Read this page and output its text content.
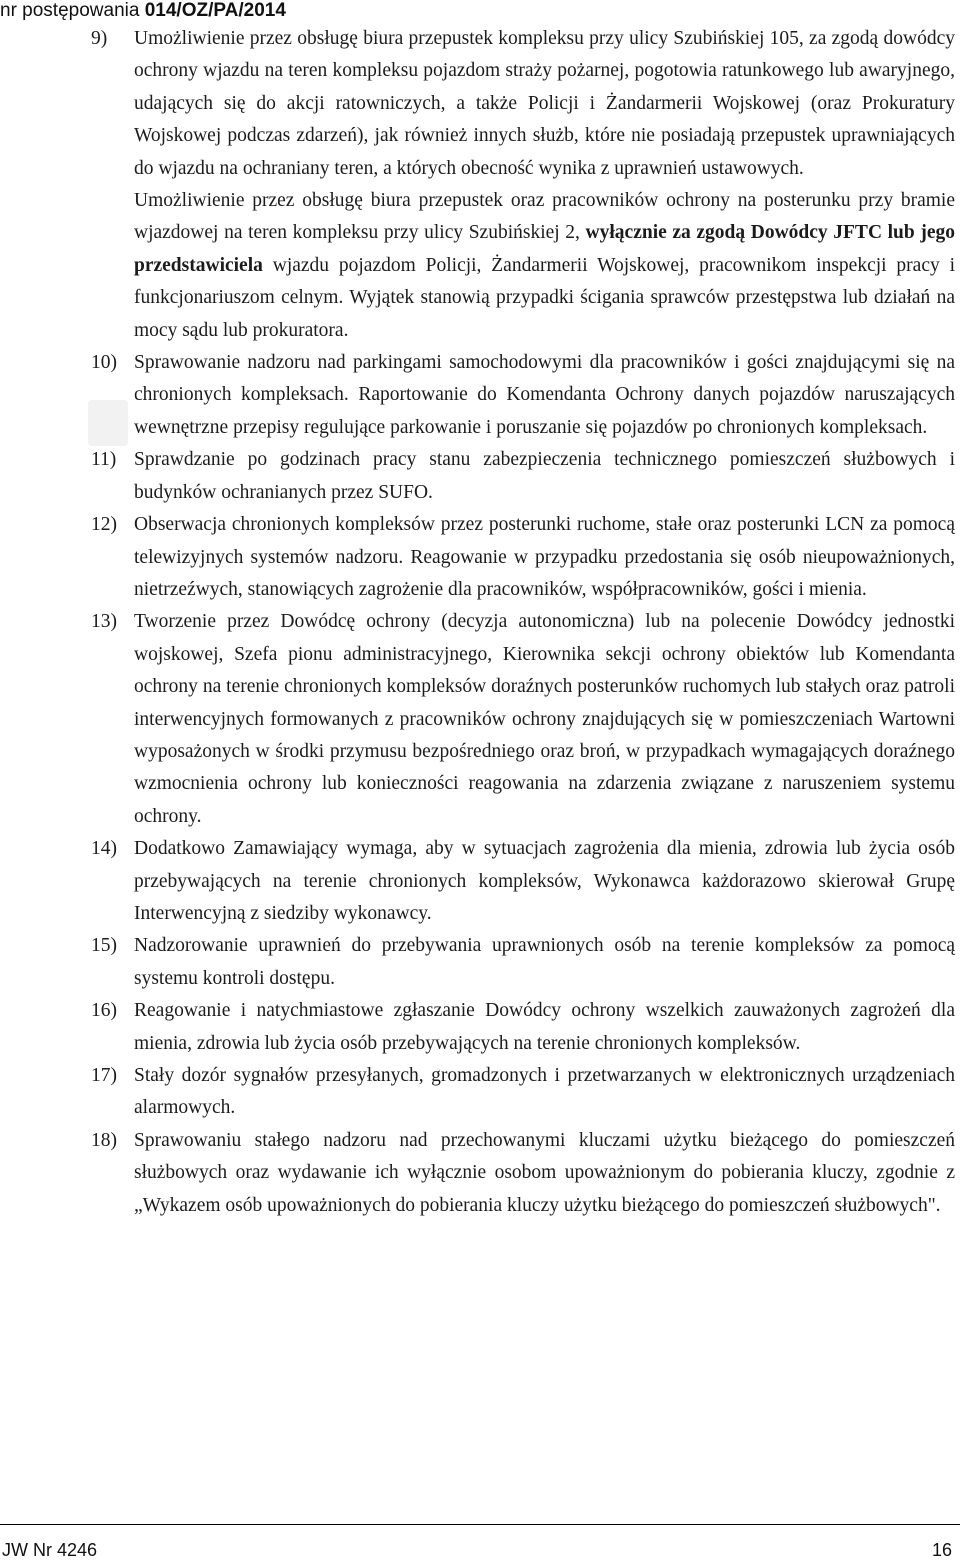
nr postępowania 014/OZ/PA/2014
9) Umożliwienie przez obsługę biura przepustek kompleksu przy ulicy Szubińskiej 105, za zgodą dowódcy ochrony wjazdu na teren kompleksu pojazdom straży pożarnej, pogotowia ratunkowego lub awaryjnego, udających się do akcji ratowniczych, a także Policji i Żandarmerii Wojskowej (oraz Prokuratury Wojskowej podczas zdarzeń), jak również innych służb, które nie posiadają przepustek uprawniających do wjazdu na ochraniany teren, a których obecność wynika z uprawnień ustawowych.

Umożliwienie przez obsługę biura przepustek oraz pracowników ochrony na posterunku przy bramie wjazdowej na teren kompleksu przy ulicy Szubińskiej 2, wyłącznie za zgodą Dowódcy JFTC lub jego przedstawiciela wjazdu pojazdom Policji, Żandarmerii Wojskowej, pracownikom inspekcji pracy i funkcjonariuszom celnym. Wyjątek stanowią przypadki ścigania sprawców przestępstwa lub działań na mocy sądu lub prokuratora.

10) Sprawowanie nadzoru nad parkingami samochodowymi dla pracowników i gości znajdującymi się na chronionych kompleksach. Raportowanie do Komendanta Ochrony danych pojazdów naruszających wewnętrzne przepisy regulujące parkowanie i poruszanie się pojazdów po chronionych kompleksach.

11) Sprawdzanie po godzinach pracy stanu zabezpieczenia technicznego pomieszczeń służbowych i budynków ochranianych przez SUFO.

12) Obserwacja chronionych kompleksów przez posterunki ruchome, stałe oraz posterunki LCN za pomocą telewizyjnych systemów nadzoru. Reagowanie w przypadku przedostania się osób nieupoważnionych, nietrzeźwych, stanowiących zagrożenie dla pracowników, współpracowników, gości i mienia.

13) Tworzenie przez Dowódcę ochrony (decyzja autonomiczna) lub na polecenie Dowódcy jednostki wojskowej, Szefa pionu administracyjnego, Kierownika sekcji ochrony obiektów lub Komendanta ochrony na terenie chronionych kompleksów doraźnych posterunków ruchomych lub stałych oraz patroli interwencyjnych formowanych z pracowników ochrony znajdujących się w pomieszczeniach Wartowni wyposażonych w środki przymusu bezpośredniego oraz broń, w przypadkach wymagających doraźnego wzmocnienia ochrony lub konieczności reagowania na zdarzenia związane z naruszeniem systemu ochrony.

14) Dodatkowo Zamawiający wymaga, aby w sytuacjach zagrożenia dla mienia, zdrowia lub życia osób przebywających na terenie chronionych kompleksów, Wykonawca każdorazowo skierował Grupę Interwencyjną z siedziby wykonawcy.

15) Nadzorowanie uprawnień do przebywania uprawnionych osób na terenie kompleksów za pomocą systemu kontroli dostępu.

16) Reagowanie i natychmiastowe zgłaszanie Dowódcy ochrony wszelkich zauważonych zagrożeń dla mienia, zdrowia lub życia osób przebywających na terenie chronionych kompleksów.

17) Stały dozór sygnałów przesyłanych, gromadzonych i przetwarzanych w elektronicznych urządzeniach alarmowych.

18) Sprawowaniu stałego nadzoru nad przechowanymi kluczami użytku bieżącego do pomieszczeń służbowych oraz wydawanie ich wyłącznie osobom upoważnionym do pobierania kluczy, zgodnie z „Wykazem osób upoważnionych do pobierania kluczy użytku bieżącego do pomieszczeń służbowych".

JW Nr 4246	16
